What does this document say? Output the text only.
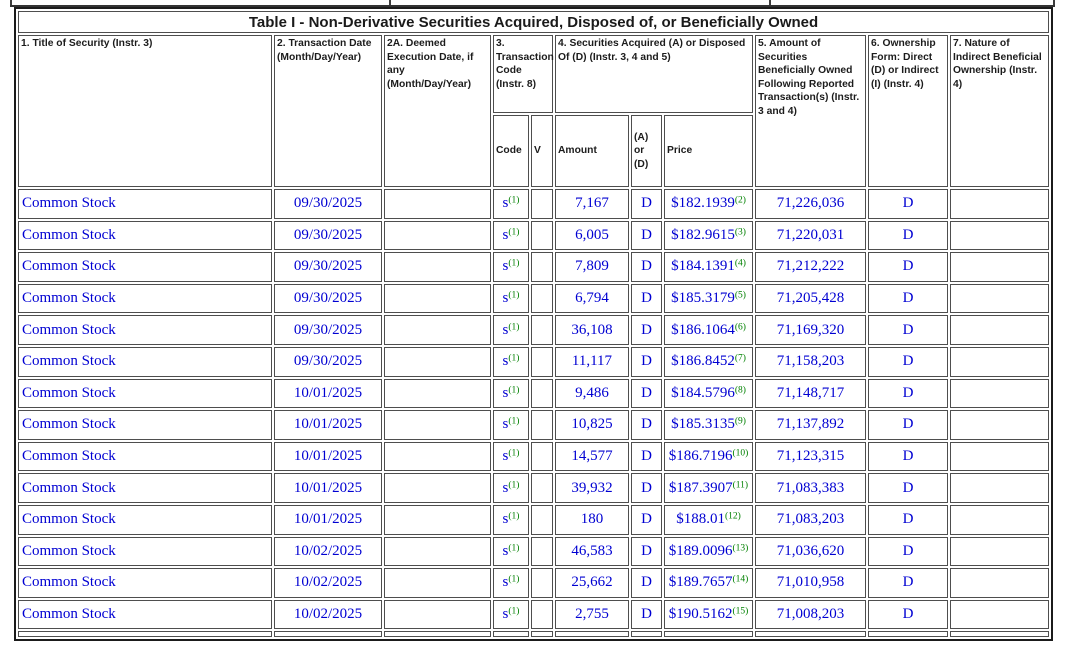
Table I - Non-Derivative Securities Acquired, Disposed of, or Beneficially Owned										
1. Title of Security (Instr. 3)	2. Transaction Date (Month/Day/Year)	2A. Deemed Execution Date, if any (Month/Day/Year)	3. Transaction Code (Instr. 8)		4. Securities Acquired (A) or Disposed Of (D) (Instr. 3, 4 and 5)			5. Amount of Securities Beneficially Owned Following Reported Transaction(s) (Instr. 3 and 4)	6. Ownership Form: Direct (D) or Indirect (I) (Instr. 4)	7. Nature of Indirect Beneficial Ownership (Instr. 4)
			Code	V	Amount	(A) or (D)	Price			
Common Stock	09/30/2025		s$^{(1)}$		7,167	D	$182.1939$^{(2)}$	71,226,036	D	
Common Stock	09/30/2025		s$^{(1)}$		6,005	D	$182.9615$^{(3)}$	71,220,031	D	
Common Stock	09/30/2025		s$^{(1)}$		7,809	D	$184.1391$^{(4)}$	71,212,222	D	
Common Stock	09/30/2025		s$^{(1)}$		6,794	D	$185.3179$^{(5)}$	71,205,428	D	
Common Stock	09/30/2025		s$^{(1)}$		36,108	D	$186.1064$^{(6)}$	71,169,320	D	
Common Stock	09/30/2025		s$^{(1)}$		11,117	D	$186.8452$^{(7)}$	71,158,203	D	
Common Stock	10/01/2025		s$^{(1)}$		9,486	D	$184.5796$^{(8)}$	71,148,717	D	
Common Stock	10/01/2025		s$^{(1)}$		10,825	D	$185.3135$^{(9)}$	71,137,892	D	
Common Stock	10/01/2025		s$^{(1)}$		14,577	D	$186.7196$^{(10)}$	71,123,315	D	
Common Stock	10/01/2025		s$^{(1)}$		39,932	D	$187.3907$^{(11)}$	71,083,383	D	
Common Stock	10/01/2025		s$^{(1)}$		180	D	$188.01$^{(12)}$	71,083,203	D	
Common Stock	10/02/2025		s$^{(1)}$		46,583	D	$189.0096$^{(13)}$	71,036,620	D	
Common Stock	10/02/2025		s$^{(1)}$		25,662	D	$189.7657$^{(14)}$	71,010,958	D	
Common Stock	10/02/2025		s$^{(1)}$		2,755	D	$190.5162$^{(15)}$	71,008,203	D	
